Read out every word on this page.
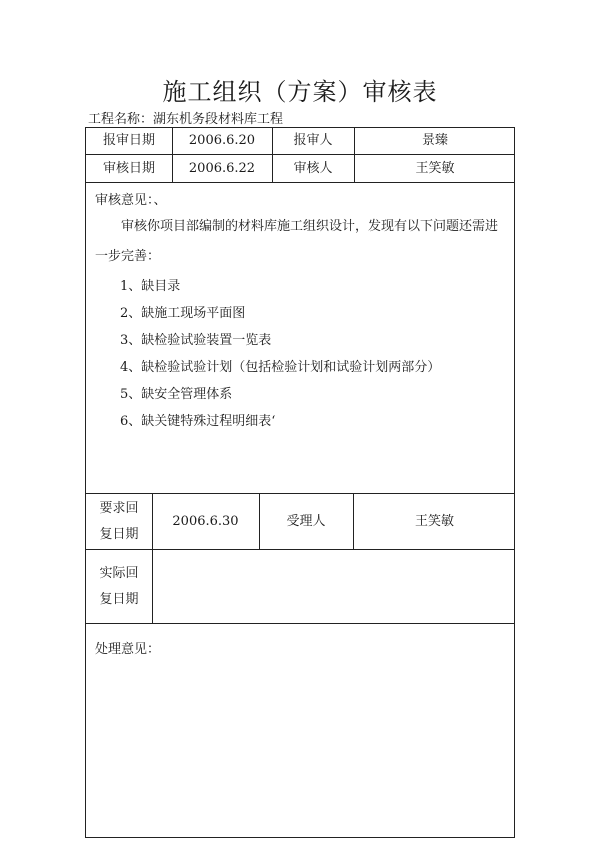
施工组织（方案）审核表
工程名称：湖东机务段材料库工程
报审日期	2006.6.20	报审人	景臻
审核日期	2006.6.22	审核人	王笑敏
审核意见：、
审核你项目部编制的材料库施工组织设计，发现有以下问题还需进一步完善：
1、缺目录
2、缺施工现场平面图
3、缺检验试验装置一览表
4、缺检验试验计划（包括检验计划和试验计划两部分）
5、缺安全管理体系
6、缺关键特殊过程明细表‘
要求回
复日期
2006.6.30	受理人	王笑敏
实际回
复日期
处理意见：
